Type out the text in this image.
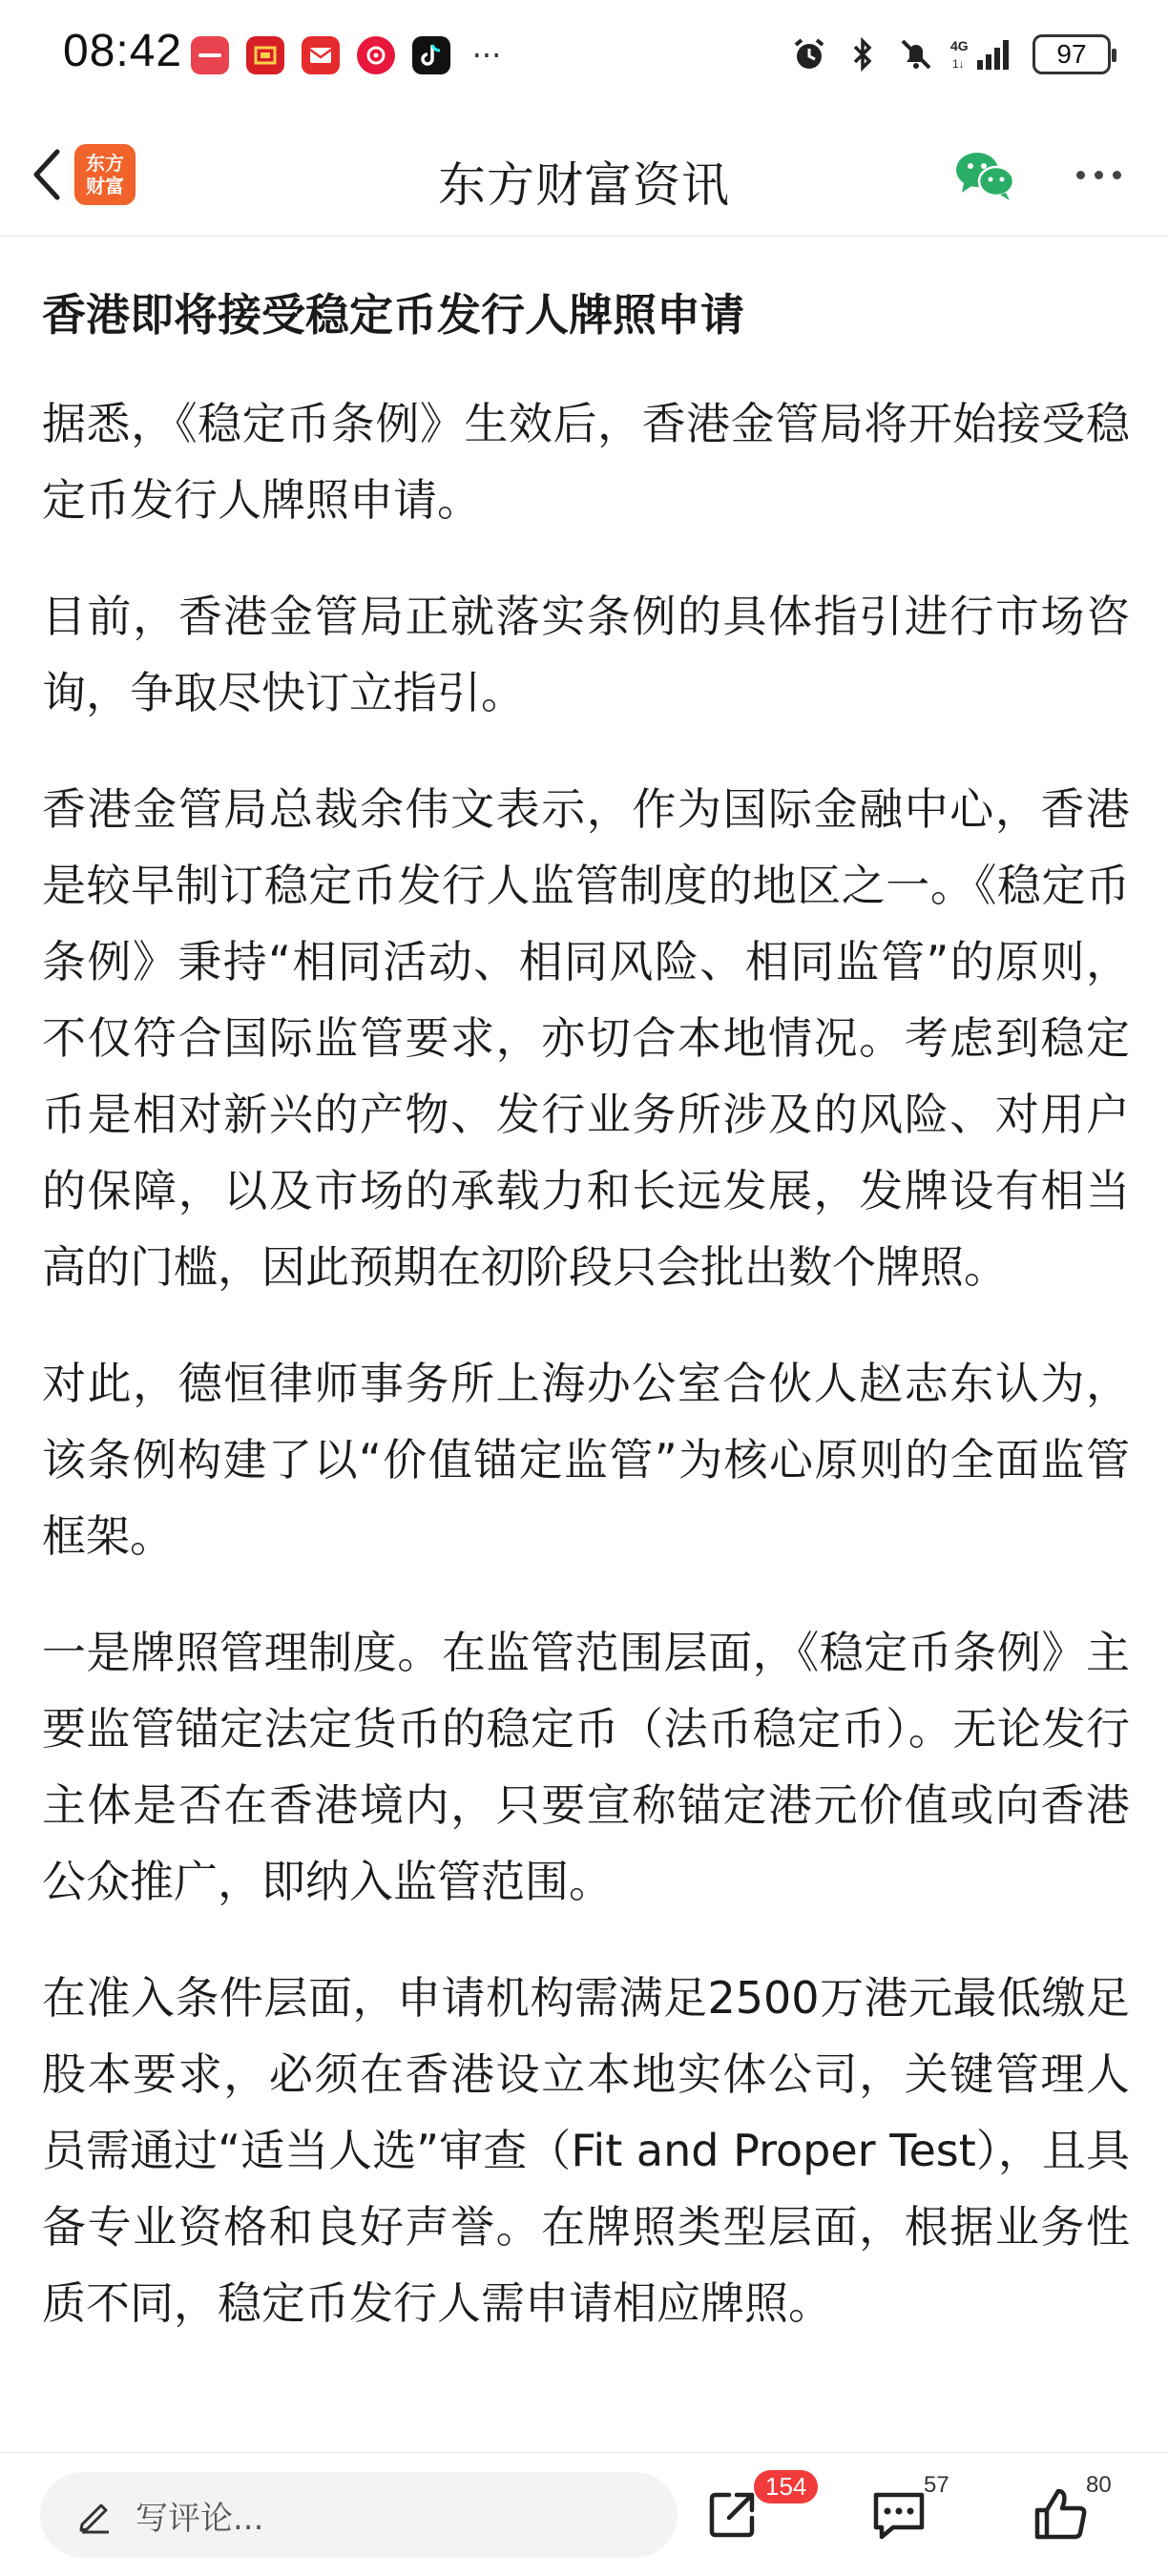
08:42	···	4G
1↓	97
东方财富	东方财富资讯
香港即将接受稳定币发行人牌照申请

据悉，《稳定币条例》生效后，香港金管局将开始接受稳定币发行人牌照申请。

目前，香港金管局正就落实条例的具体指引进行市场咨询，争取尽快订立指引。

香港金管局总裁余伟文表示，作为国际金融中心，香港是较早制订稳定币发行人监管制度的地区之一。《稳定币条例》秉持“相同活动、相同风险、相同监管”的原则，不仅符合国际监管要求，亦切合本地情况。考虑到稳定币是相对新兴的产物、发行业务所涉及的风险、对用户的保障，以及市场的承载力和长远发展，发牌设有相当高的门槛，因此预期在初阶段只会批出数个牌照。

对此，德恒律师事务所上海办公室合伙人赵志东认为，该条例构建了以“价值锚定监管”为核心原则的全面监管框架。

一是牌照管理制度。在监管范围层面，《稳定币条例》主要监管锚定法定货币的稳定币（法币稳定币）。无论发行主体是否在香港境内，只要宣称锚定港元价值或向香港公众推广，即纳入监管范围。

在准入条件层面，申请机构需满足2500万港元最低缴足股本要求，必须在香港设立本地实体公司，关键管理人员需通过“适当人选”审查（Fit and Proper Test），且具备专业资格和良好声誉。在牌照类型层面，根据业务性质不同，稳定币发行人需申请相应牌照。

写评论...
154	57	80
